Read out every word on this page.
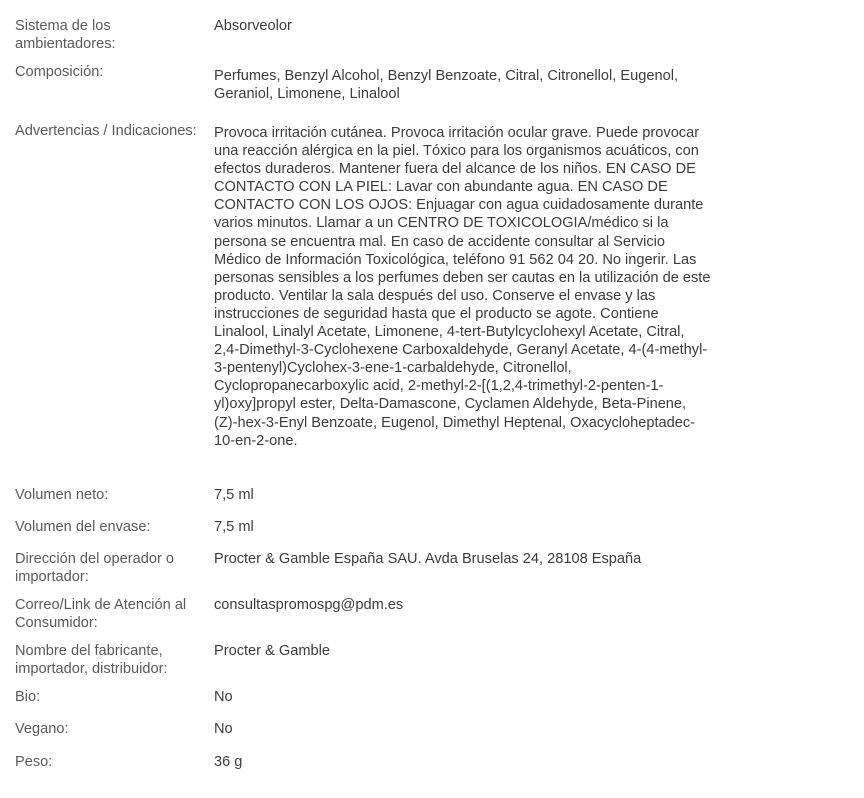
Sistema de los ambientadores:
Absorveolor
Composición:	Perfumes, Benzyl Alcohol, Benzyl Benzoate, Citral, Citronellol, Eugenol, Geraniol, Limonene, Linalool
Advertencias / Indicaciones:	Provoca irritación cutánea. Provoca irritación ocular grave. Puede provocar una reacción alérgica en la piel. Tóxico para los organismos acuáticos, con efectos duraderos. Mantener fuera del alcance de los niños. EN CASO DE CONTACTO CON LA PIEL: Lavar con abundante agua. EN CASO DE CONTACTO CON LOS OJOS: Enjuagar con agua cuidadosamente durante varios minutos. Llamar a un CENTRO DE TOXICOLOGIA/médico si la persona se encuentra mal. En caso de accidente consultar al Servicio Médico de Información Toxicológica, teléfono 91 562 04 20. No ingerir. Las personas sensibles a los perfumes deben ser cautas en la utilización de este producto. Ventilar la sala después del uso. Conserve el envase y las instrucciones de seguridad hasta que el producto se agote. Contiene Linalool, Linalyl Acetate, Limonene, 4-tert-Butylcyclohexyl Acetate, Citral, 2,4-Dimethyl-3-Cyclohexene Carboxaldehyde, Geranyl Acetate, 4-(4-methyl-3-pentenyl)Cyclohex-3-ene-1-carbaldehyde, Citronellol, Cyclopropanecarboxylic acid, 2-methyl-2-[(1,2,4-trimethyl-2-penten-1-yl)oxy]propyl ester, Delta-Damascone, Cyclamen Aldehyde, Beta-Pinene, (Z)-hex-3-Enyl Benzoate, Eugenol, Dimethyl Heptenal, Oxacycloheptadec-10-en-2-one.
Volumen neto:	7,5 ml
Volumen del envase:	7,5 ml
Dirección del operador o importador:
Procter & Gamble España SAU. Avda Bruselas 24, 28108 España
Correo/Link de Atención al Consumidor:
consultaspromospg@pdm.es
Nombre del fabricante, importador, distribuidor:
Procter & Gamble
Bio:	No
Vegano:	No
Peso:	36 g
